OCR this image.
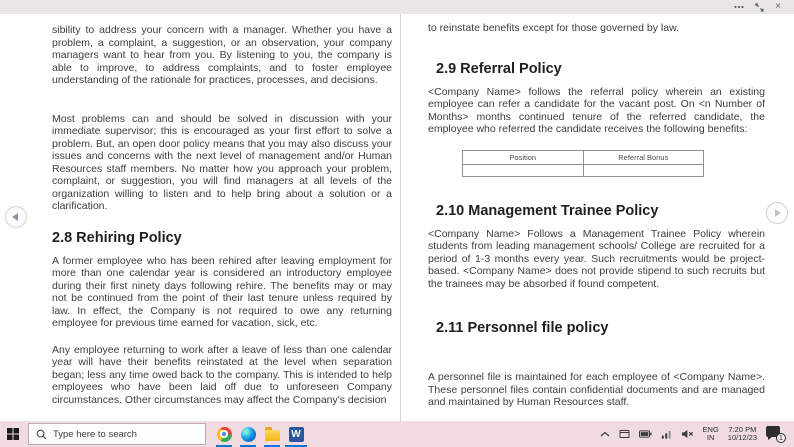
×

sibility to address your concern with a manager. Whether you have a problem, a complaint, a suggestion, or an observation, your company managers want to hear from you. By listening to you, the company is able to improve, to address complaints, and to foster employee understanding of the rationale for practices, processes, and decisions.

Most problems can and should be solved in discussion with your immediate supervisor; this is encouraged as your first effort to solve a problem. But, an open door policy means that you may also discuss your issues and concerns with the next level of management and/or Human Resources staff members. No matter how you approach your problem, complaint, or suggestion, you will find managers at all levels of the organization willing to listen and to help bring about a solution or a clarification.

2.8 Rehiring Policy

A former employee who has been rehired after leaving employment for more than one calendar year is considered an introductory employee during their first ninety days following rehire. The benefits may or may not be continued from the point of their last tenure unless required by law. In effect, the Company is not required to owe any returning employee for previous time earned for vacation, sick, etc.

Any employee returning to work after a leave of less than one calendar year will have their benefits reinstated at the level when separation began; less any time owed back to the company. This is intended to help employees who have been laid off due to unforeseen Company circumstances. Other circumstances may affect the Company's decision

to reinstate benefits except for those governed by law.

2.9 Referral Policy

<Company Name> follows the referral policy wherein an existing employee can refer a candidate for the vacant post. On <n Number of Months> months continued tenure of the referred candidate, the employee who referred the candidate receives the following benefits:

Position	Referral Bonus

2.10 Management Trainee Policy

<Company Name> Follows a Management Trainee Policy wherein students from leading management schools/ College are recruited for a period of 1-3 months every year. Such recruitments would be project-based. <Company Name> does not provide stipend to such recruits but the trainees may be absorbed if found competent.

2.11 Personnel file policy

A personnel file is maintained for each employee of <Company Name>. These personnel files contain confidential documents and are managed and maintained by Human Resources staff.

Type here to search
W	ENG
IN
7:20 PM
10/12/23	1
